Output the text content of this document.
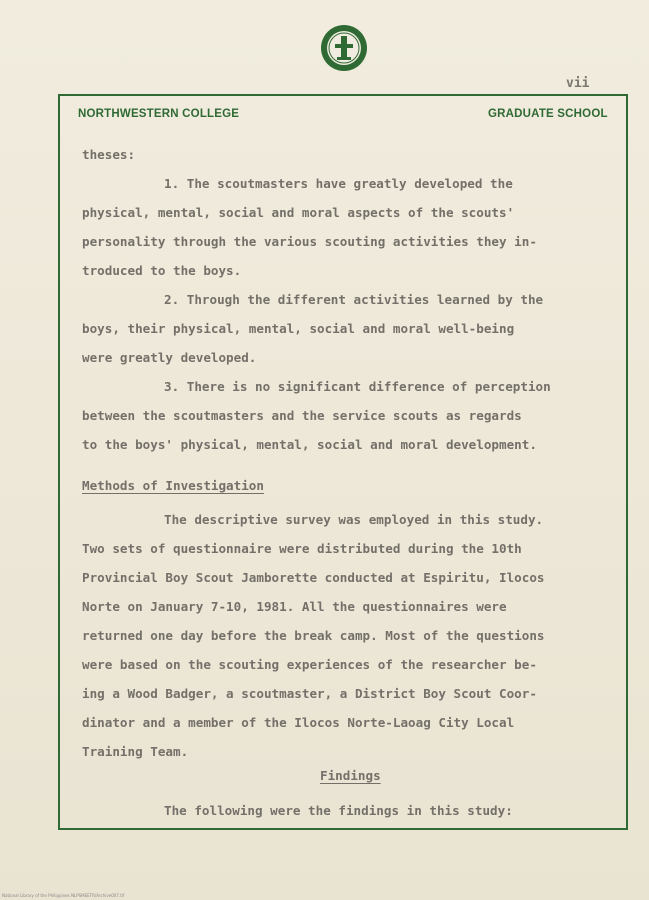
vii
NORTHWESTERN COLLEGE	GRADUATE SCHOOL
theses:
1. The scoutmasters have greatly developed the
physical, mental, social and moral aspects of the scouts'
personality through the various scouting activities they in-
troduced to the boys.
2. Through the different activities learned by the
boys, their physical, mental, social and moral well-being
were greatly developed.
3. There is no significant difference of perception
between the scoutmasters and the service scouts as regards
to the boys' physical, mental, social and moral development.
Methods of Investigation
The descriptive survey was employed in this study.
Two sets of questionnaire were distributed during the 10th
Provincial Boy Scout Jamborette conducted at Espiritu, Ilocos
Norte on January 7-10, 1981. All the questionnaires were
returned one day before the break camp. Most of the questions
were based on the scouting experiences of the researcher be-
ing a Wood Badger, a scoutmaster, a District Boy Scout Coor-
dinator and a member of the Ilocos Norte-Laoag City Local
Training Team.
Findings
The following were the findings in this study:
National Library of the Philippines NLPSMEETR/Archive007.tif
